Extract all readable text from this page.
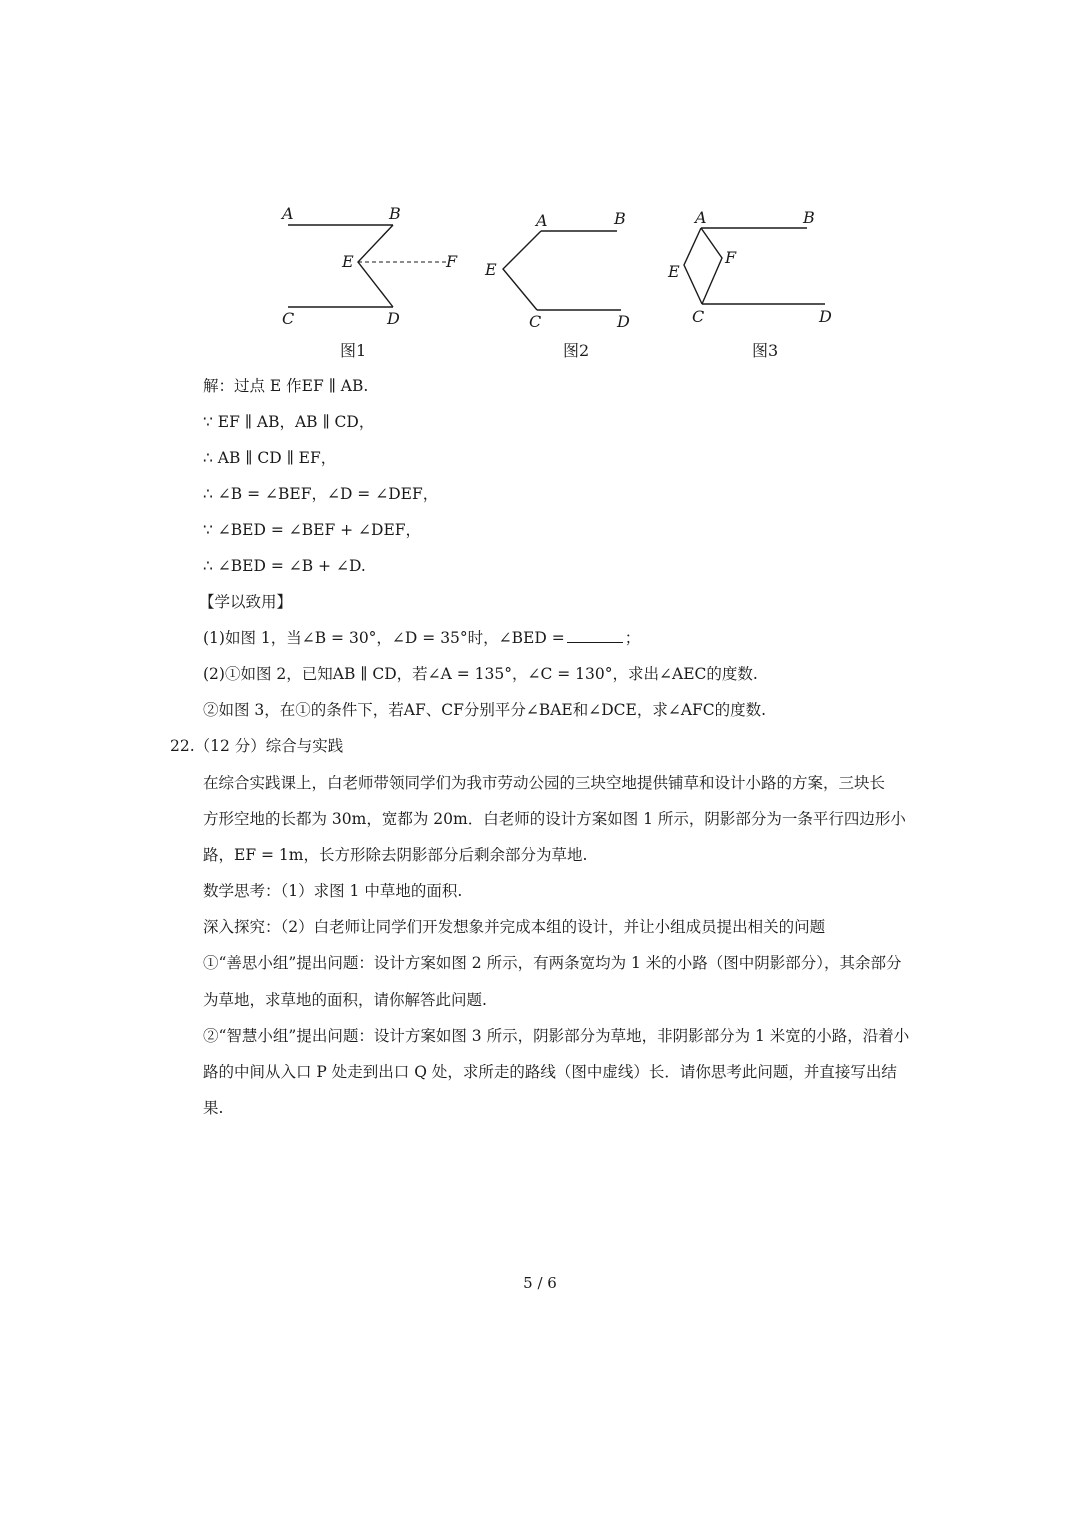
A	B
E	F
C	D
图1
A	B
E
C	D
图2
A	B
E
F
C	D
图3
解：过点 E 作EF ∥ AB.
∵ EF ∥ AB，AB ∥ CD，
∴ AB ∥ CD ∥ EF，
∴ ∠B = ∠BEF，∠D = ∠DEF，
∵ ∠BED = ∠BEF + ∠DEF，
∴ ∠BED = ∠B + ∠D.
【学以致用】
(1)如图 1，当∠B = 30°，∠D = 35°时，∠BED =	；
(2)①如图 2，已知AB ∥ CD，若∠A = 135°，∠C = 130°，求出∠AEC的度数.
②如图 3，在①的条件下，若AF、CF分别平分∠BAE和∠DCE，求∠AFC的度数.
22.（12 分）综合与实践
在综合实践课上，白老师带领同学们为我市劳动公园的三块空地提供铺草和设计小路的方案，三块长
方形空地的长都为 30m，宽都为 20m．白老师的设计方案如图 1 所示，阴影部分为一条平行四边形小
路，EF = 1m，长方形除去阴影部分后剩余部分为草地.
数学思考：（1）求图 1 中草地的面积.
深入探究：（2）白老师让同学们开发想象并完成本组的设计，并让小组成员提出相关的问题
①“善思小组”提出问题：设计方案如图 2 所示，有两条宽均为 1 米的小路（图中阴影部分），其余部分
为草地，求草地的面积，请你解答此问题.
②“智慧小组”提出问题：设计方案如图 3 所示，阴影部分为草地，非阴影部分为 1 米宽的小路，沿着小
路的中间从入口 P 处走到出口 Q 处，求所走的路线（图中虚线）长．请你思考此问题，并直接写出结
果.
5 / 6
